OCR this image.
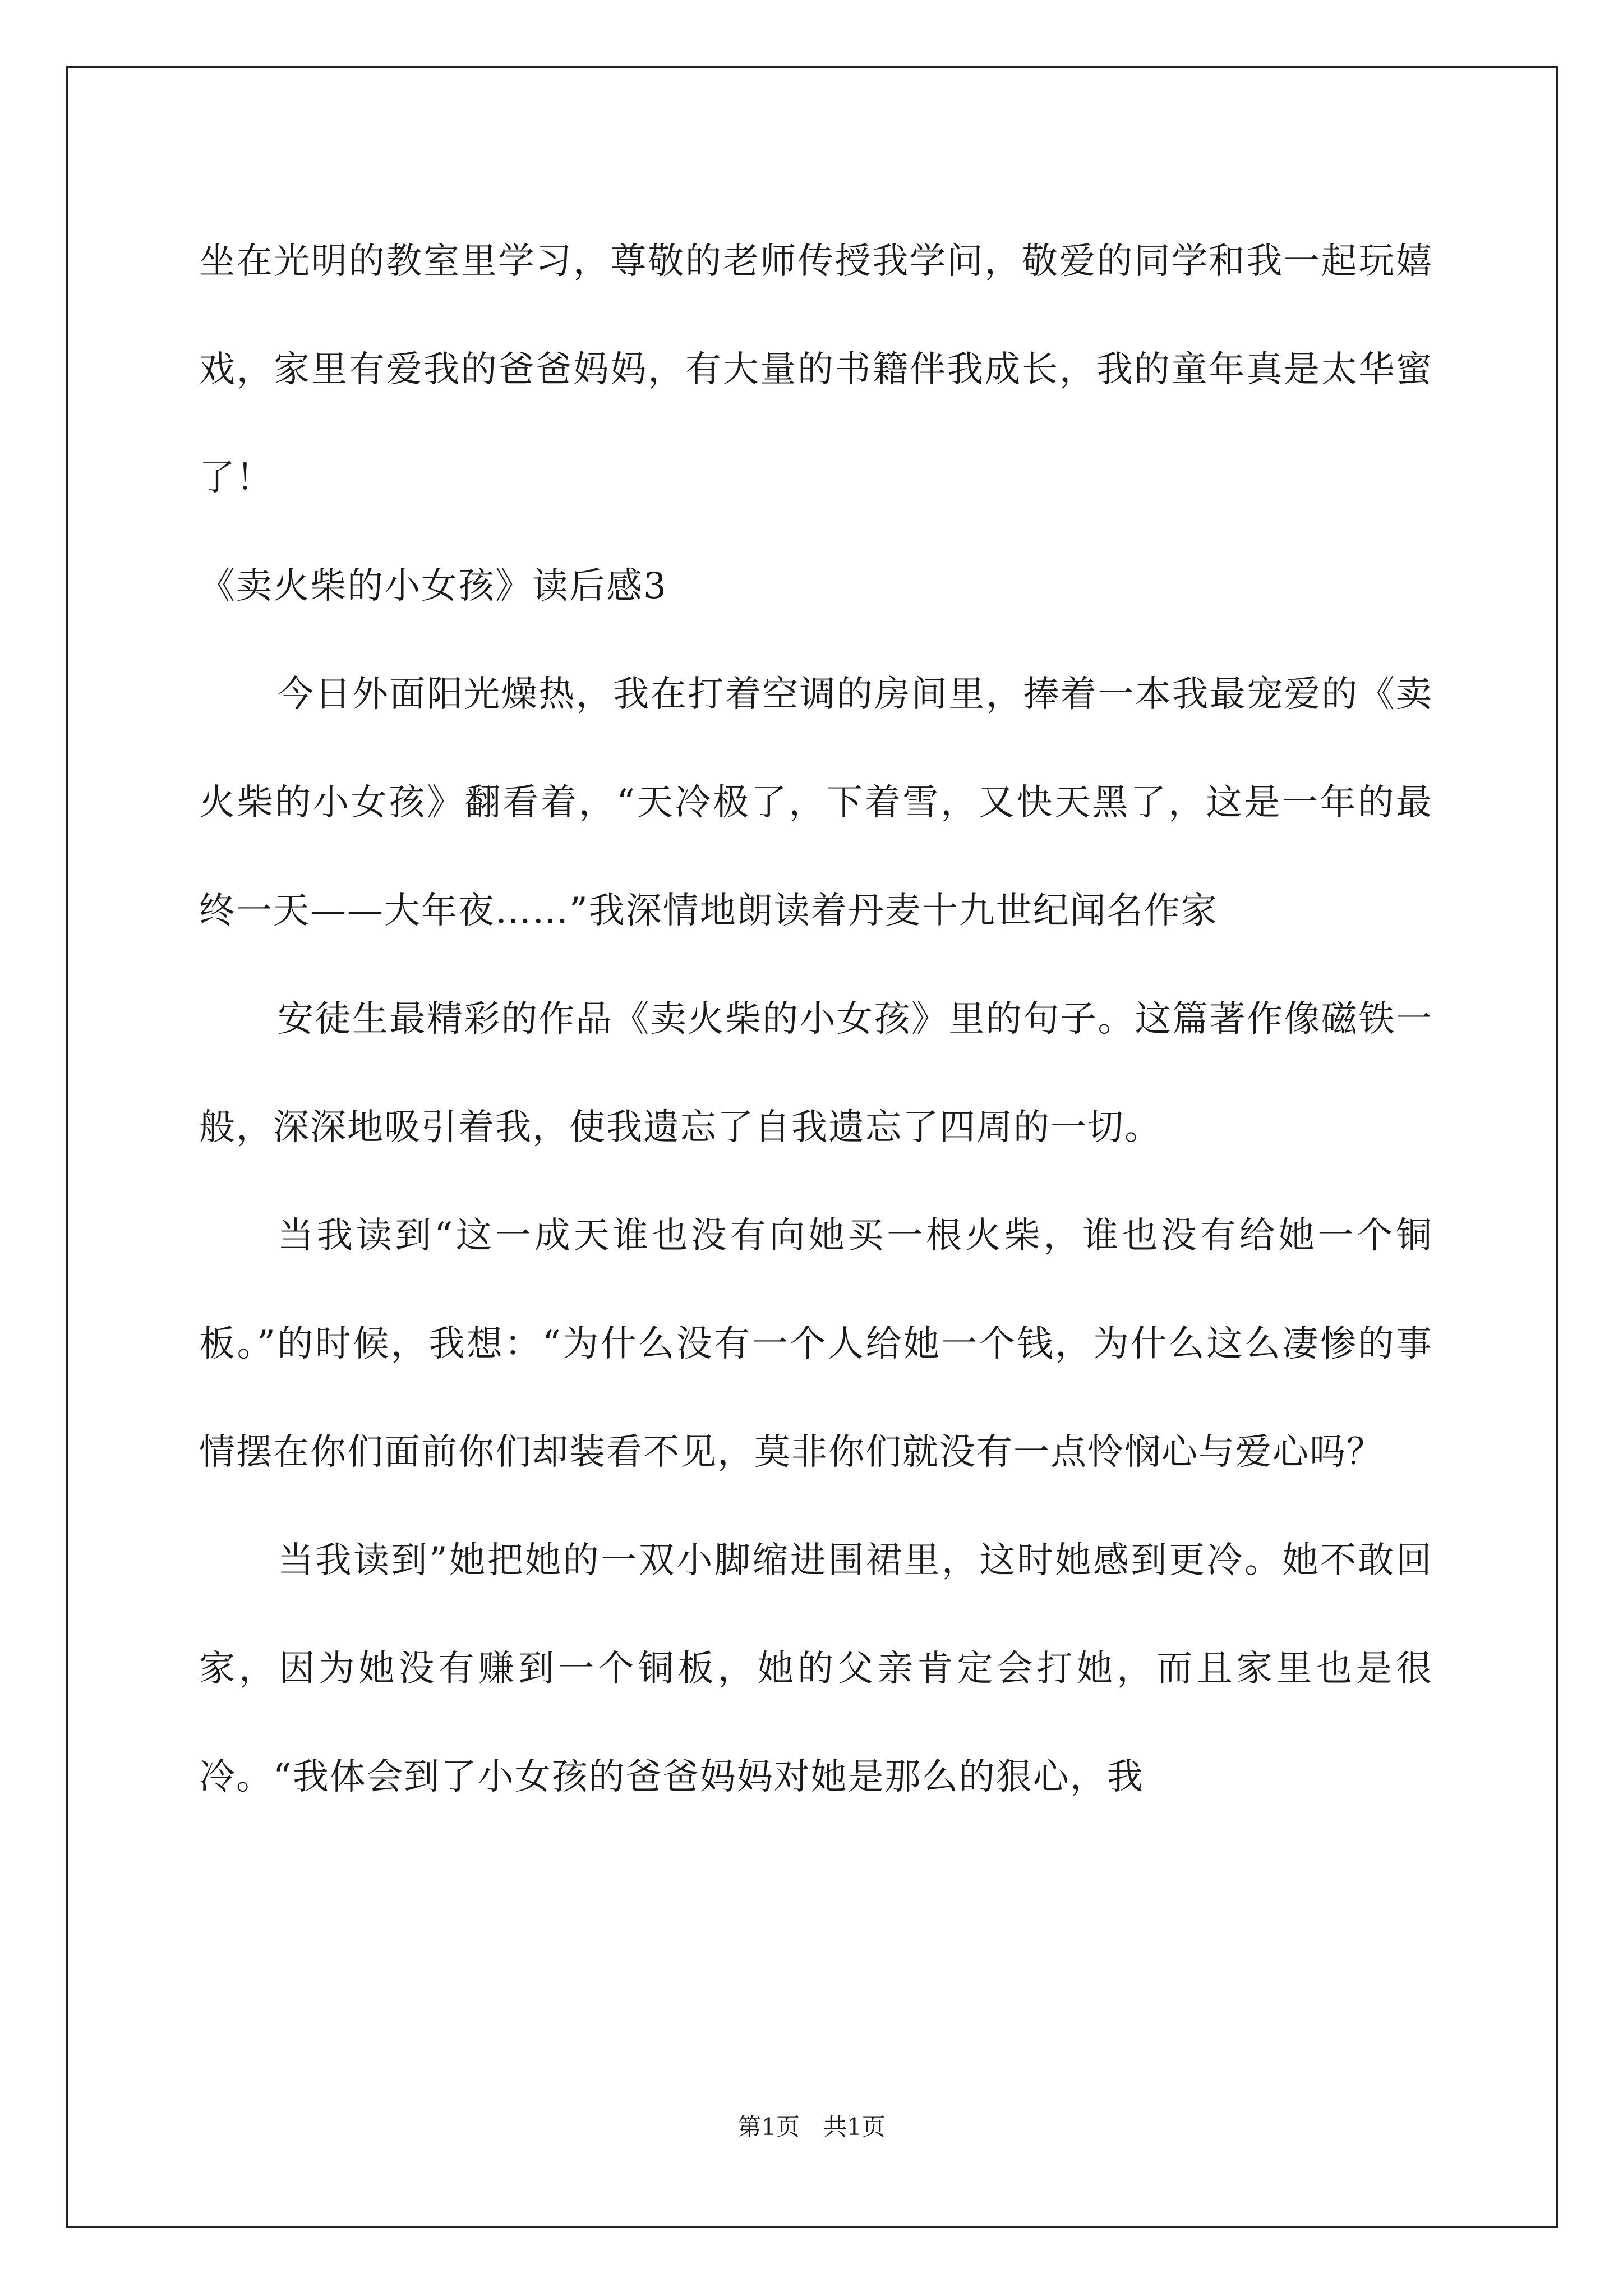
坐在光明的教室里学习，尊敬的老师传授我学问，敬爱的同学和我一起玩嬉戏，家里有爱我的爸爸妈妈，有大量的书籍伴我成长，我的童年真是太华蜜了！

《卖火柴的小女孩》读后感3

今日外面阳光燥热，我在打着空调的房间里，捧着一本我最宠爱的《卖火柴的小女孩》翻看着，“天冷极了，下着雪，又快天黑了，这是一年的最终一天——大年夜……”我深情地朗读着丹麦十九世纪闻名作家

安徒生最精彩的作品《卖火柴的小女孩》里的句子。这篇著作像磁铁一般，深深地吸引着我，使我遗忘了自我遗忘了四周的一切。

当我读到“这一成天谁也没有向她买一根火柴，谁也没有给她一个铜板。”的时候，我想：“为什么没有一个人给她一个钱，为什么这么凄惨的事情摆在你们面前你们却装看不见，莫非你们就没有一点怜悯心与爱心吗？

当我读到”她把她的一双小脚缩进围裙里，这时她感到更冷。她不敢回家，因为她没有赚到一个铜板，她的父亲肯定会打她，而且家里也是很冷。“我体会到了小女孩的爸爸妈妈对她是那么的狠心，我

第1页　共1页
